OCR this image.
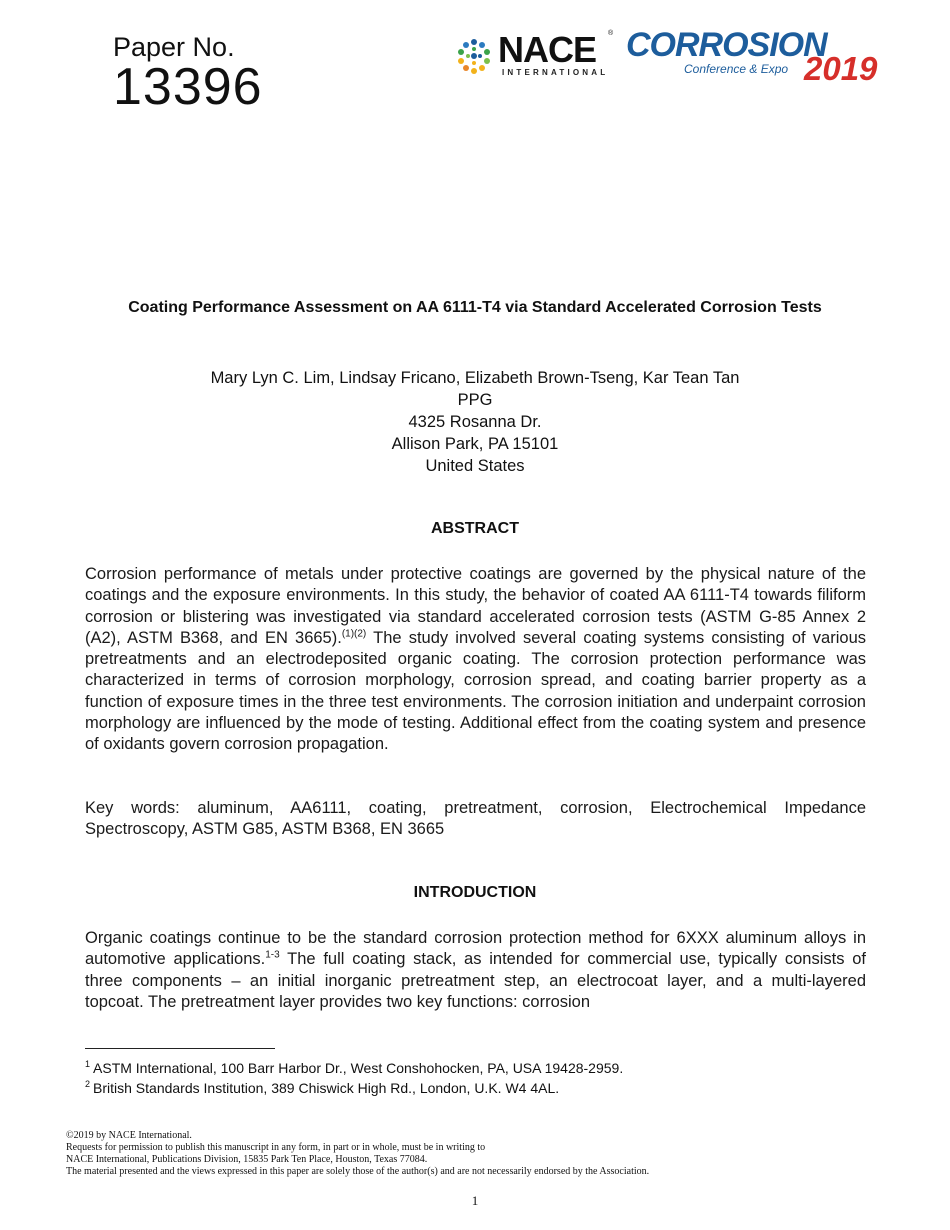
Paper No.
13396
NACE ®
INTERNATIONAL
CORROSION
Conference & Expo 2019
Coating Performance Assessment on AA 6111-T4 via Standard Accelerated Corrosion Tests
Mary Lyn C. Lim, Lindsay Fricano, Elizabeth Brown-Tseng, Kar Tean Tan
PPG
4325 Rosanna Dr.
Allison Park, PA 15101
United States
ABSTRACT
Corrosion performance of metals under protective coatings are governed by the physical nature of the coatings and the exposure environments. In this study, the behavior of coated AA 6111-T4 towards filiform corrosion or blistering was investigated via standard accelerated corrosion tests (ASTM G-85 Annex 2 (A2), ASTM B368, and EN 3665).$^{(1)(2)}$ The study involved several coating systems consisting of various pretreatments and an electrodeposited organic coating. The corrosion protection performance was characterized in terms of corrosion morphology, corrosion spread, and coating barrier property as a function of exposure times in the three test environments. The corrosion initiation and underpaint corrosion morphology are influenced by the mode of testing. Additional effect from the coating system and presence of oxidants govern corrosion propagation.
Key words: aluminum, AA6111, coating, pretreatment, corrosion, Electrochemical Impedance Spectroscopy, ASTM G85, ASTM B368, EN 3665
INTRODUCTION
Organic coatings continue to be the standard corrosion protection method for 6XXX aluminum alloys in automotive applications.$^{1-3}$ The full coating stack, as intended for commercial use, typically consists of three components – an initial inorganic pretreatment step, an electrocoat layer, and a multi-layered topcoat. The pretreatment layer provides two key functions: corrosion
$^1$ ASTM International, 100 Barr Harbor Dr., West Conshohocken, PA, USA 19428-2959.
$^2$ British Standards Institution, 389 Chiswick High Rd., London, U.K. W4 4AL.
©2019 by NACE International.
Requests for permission to publish this manuscript in any form, in part or in whole, must be in writing to
NACE International, Publications Division, 15835 Park Ten Place, Houston, Texas 77084.
The material presented and the views expressed in this paper are solely those of the author(s) and are not necessarily endorsed by the Association.
1
